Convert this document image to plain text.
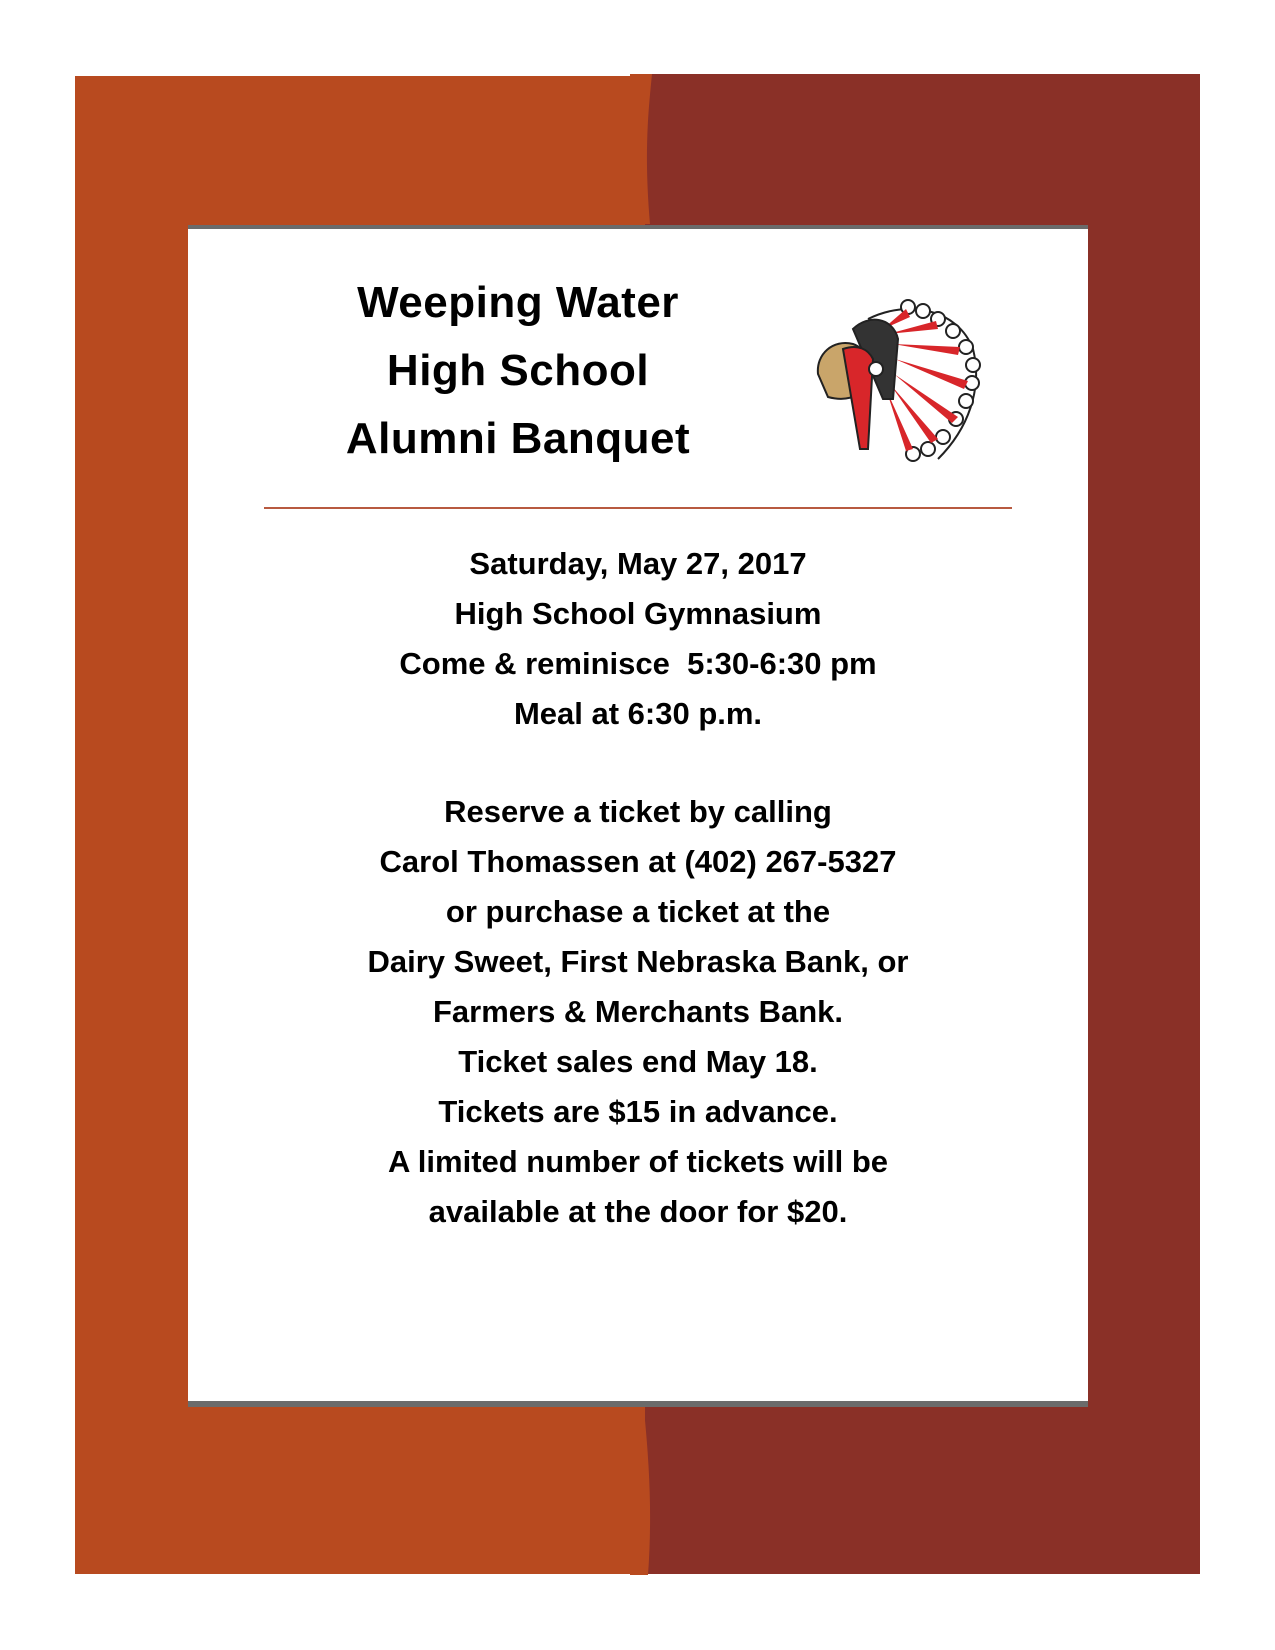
Weeping Water
High School
Alumni Banquet
Saturday, May 27, 2017
High School Gymnasium
Come & reminisce  5:30-6:30 pm
Meal at 6:30 p.m.
Reserve a ticket by calling
Carol Thomassen at (402) 267-5327
or purchase a ticket at the
Dairy Sweet, First Nebraska Bank, or
Farmers & Merchants Bank.
Ticket sales end May 18.
Tickets are $15 in advance.
A limited number of tickets will be
available at the door for $20.
